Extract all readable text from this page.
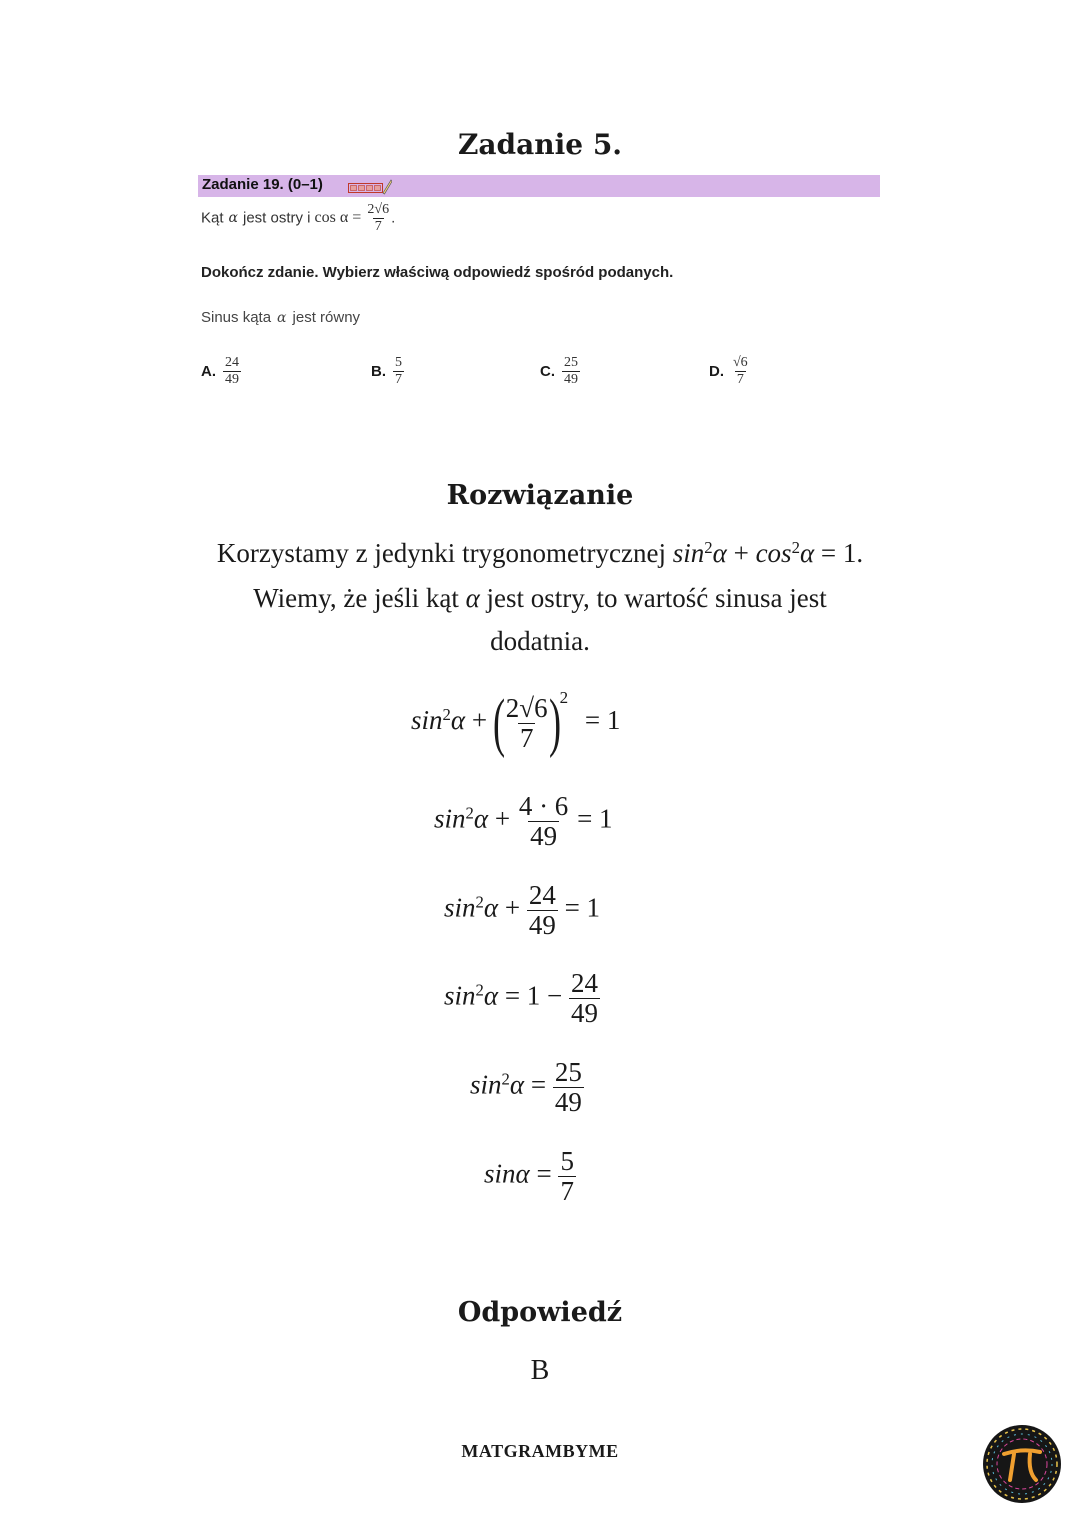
Zadanie 5.
Zadanie 19. (0–1)
Kąt α jest ostry i $\cos \alpha = \frac{2√6}{7}$ .
Dokończ zdanie. Wybierz właściwą odpowiedź spośród podanych.
Sinus kąta α jest równy
A. $\frac{24}{49}$	B. $\frac{5}{7}$	C. $\frac{25}{49}$	D. $\frac{√6}{7}$
Rozwiązanie
Korzystamy z jedynki trygonometrycznej $\sin^2\alpha + \cos^2\alpha = 1$.
Wiemy, że jeśli kąt α jest ostry, to wartość sinusa jest
dodatnia.
$\sin^2\alpha$ + (
$\frac{2√6}{7}$
)2 = 1
$\sin^2\alpha + \frac{4 \cdot 6}{49} = 1$
$\sin^2\alpha + \frac{24}{49} = 1$
$\sin^2\alpha = 1 - \frac{24}{49}$
$\sin^2\alpha = \frac{25}{49}$
$\sin\alpha = \frac{5}{7}$
Odpowiedź
B
MATGRAMBYME
